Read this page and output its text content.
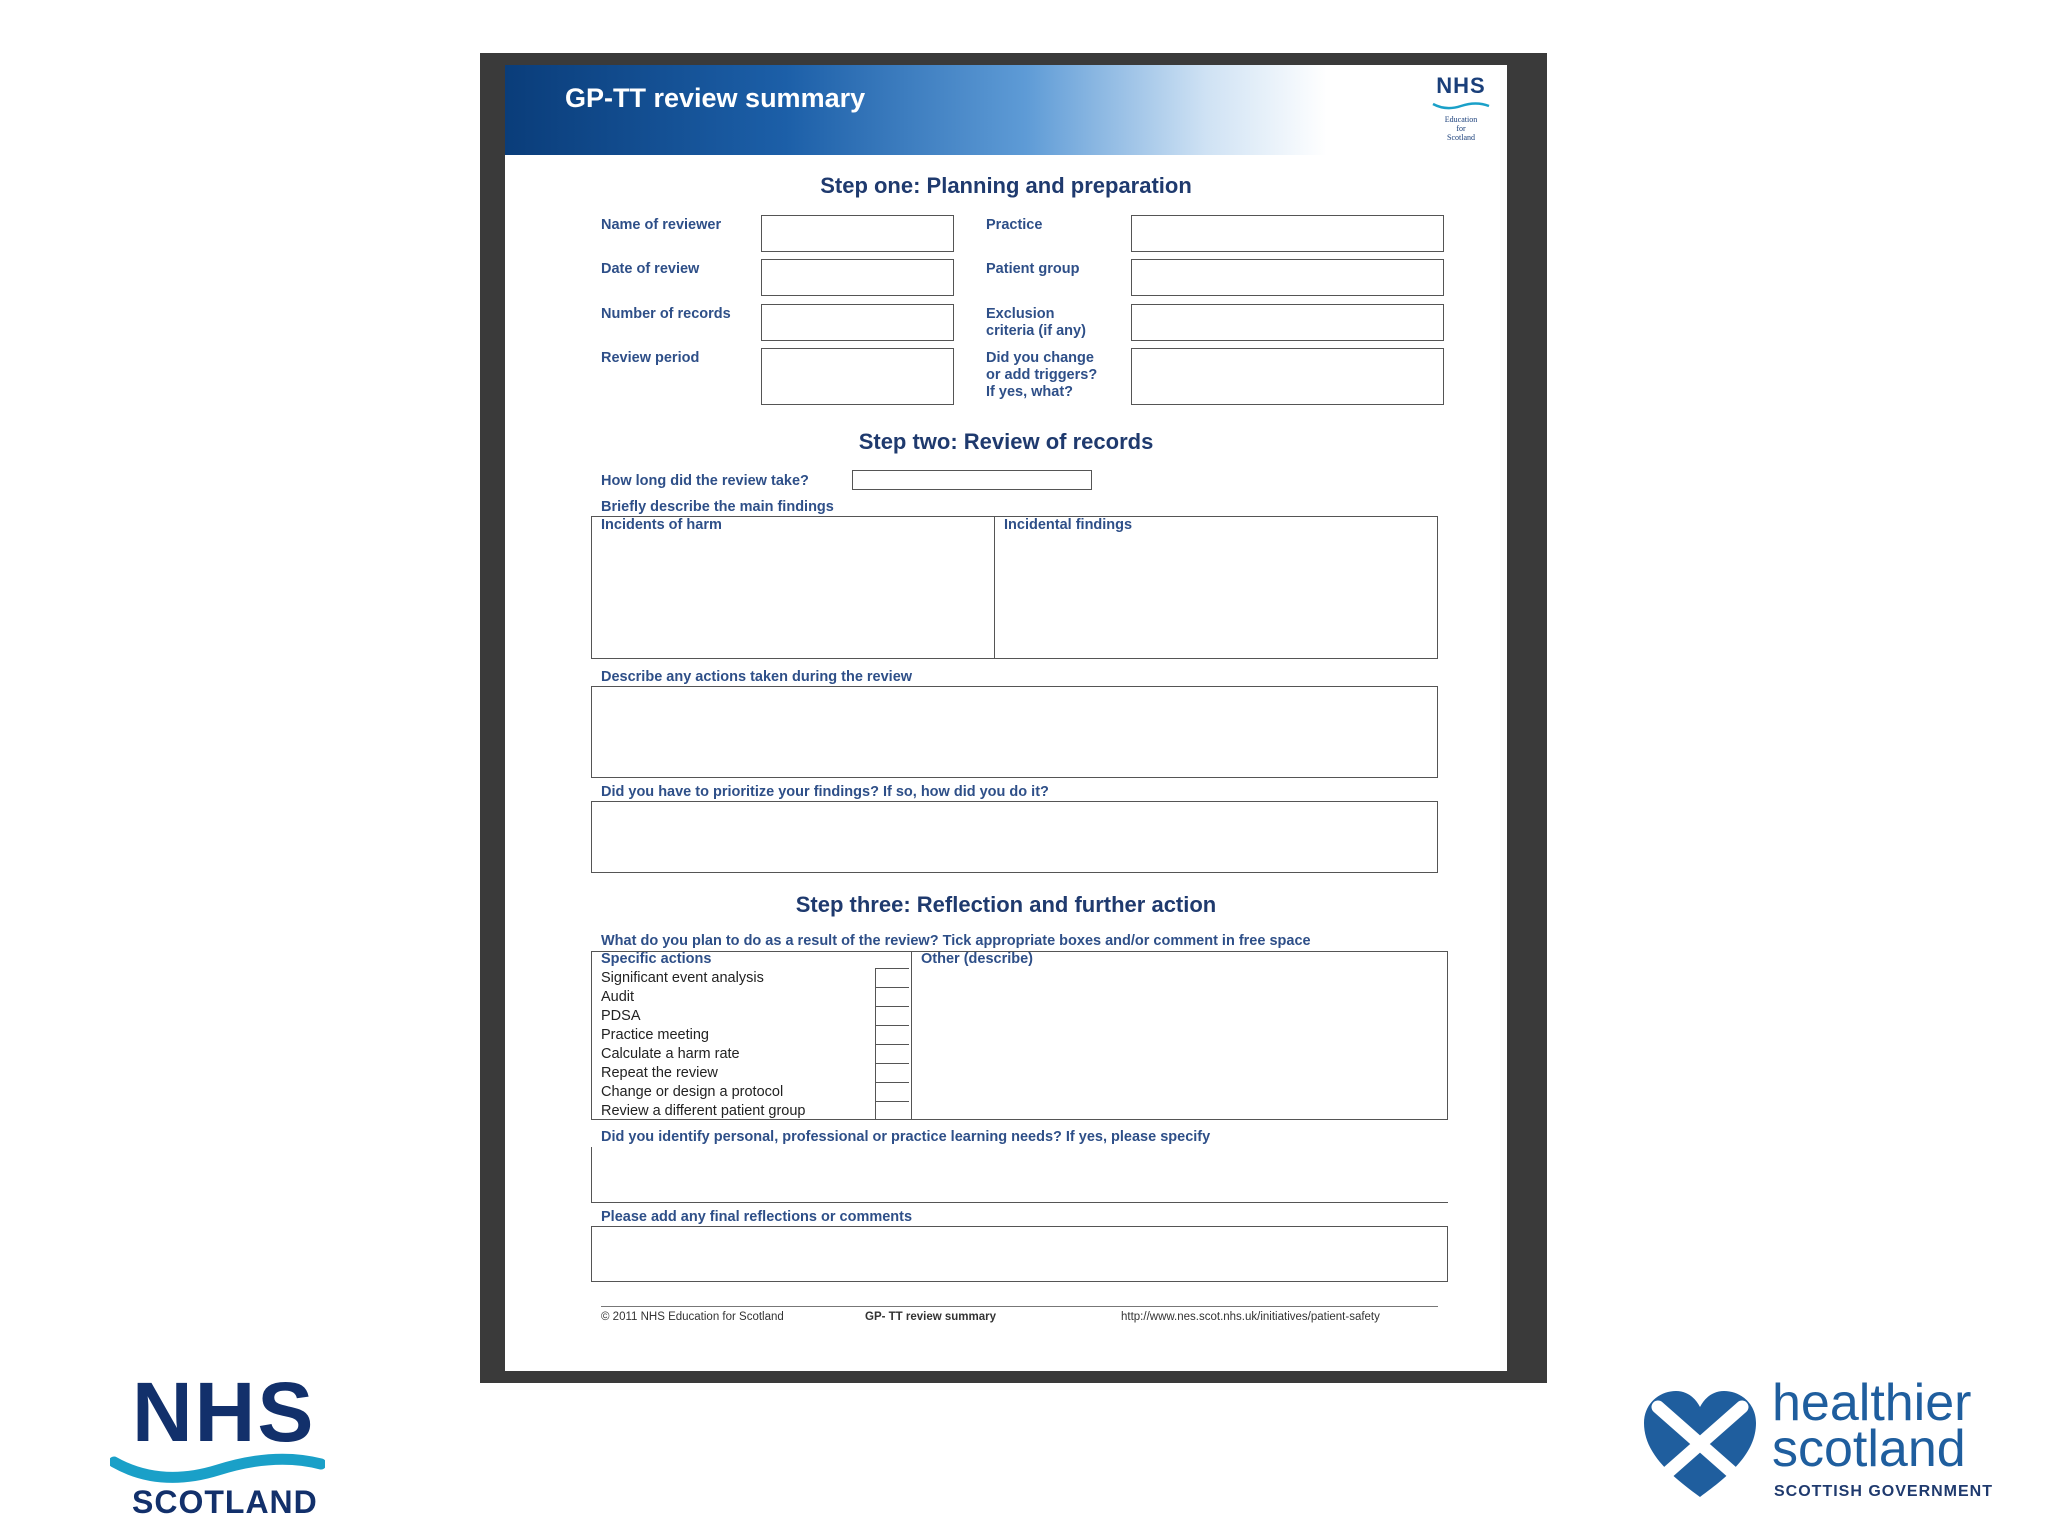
GP-TT review summary	NHS
Education
for
Scotland
Step one: Planning and preparation
Name of reviewer	Practice
Date of review	Patient group
Number of records	Exclusion
criteria (if any)
Review period	Did you change
or add triggers?
If yes, what?
Step two: Review of records
How long did the review take?
Briefly describe the main findings
Incidents of harm	Incidental findings
Describe any actions taken during the review
Did you have to prioritize your findings? If so, how did you do it?
Step three: Reflection and further action
What do you plan to do as a result of the review? Tick appropriate boxes and/or comment in free space
Specific actions	Other (describe)
Significant event analysis
Audit
PDSA
Practice meeting
Calculate a harm rate
Repeat the review
Change or design a protocol
Review a different patient group
Did you identify personal, professional or practice learning needs? If yes, please specify
Please add any final reflections or comments
© 2011 NHS Education for Scotland	GP- TT review summary	http://www.nes.scot.nhs.uk/initiatives/patient-safety
NHS
SCOTLAND
healthier
scotland
SCOTTISH GOVERNMENT
